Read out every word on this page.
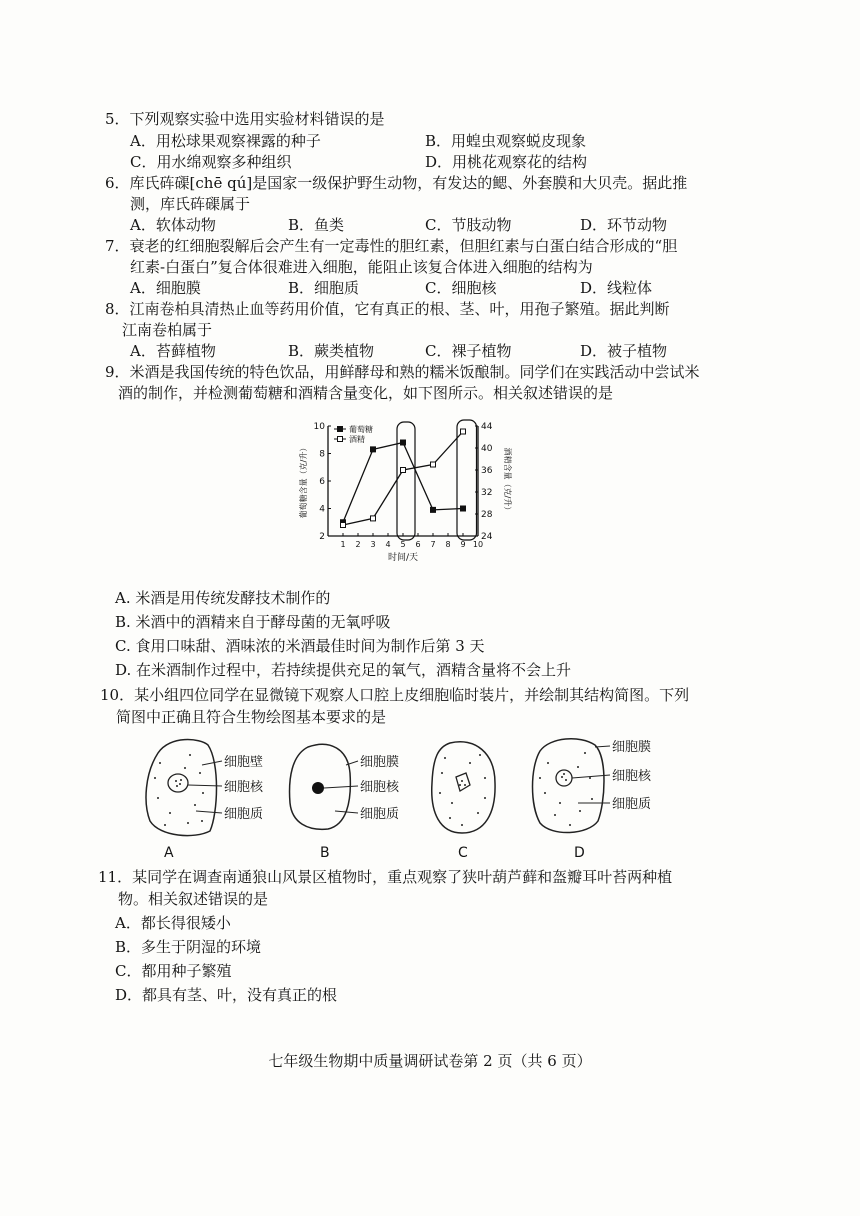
5．下列观察实验中选用实验材料错误的是
A．用松球果观察裸露的种子	B．用蝗虫观察蜕皮现象
C．用水绵观察多种组织	D．用桃花观察花的结构
6．库氏砗磲[chē qú]是国家一级保护野生动物，有发达的鳃、外套膜和大贝壳。据此推
测，库氏砗磲属于
A．软体动物	B．鱼类	C．节肢动物	D．环节动物
7．衰老的红细胞裂解后会产生有一定毒性的胆红素，但胆红素与白蛋白结合形成的“胆
红素-白蛋白”复合体很难进入细胞，能阻止该复合体进入细胞的结构为
A．细胞膜	B．细胞质	C．细胞核	D．线粒体
8．江南卷柏具清热止血等药用价值，它有真正的根、茎、叶，用孢子繁殖。据此判断
江南卷柏属于
A．苔藓植物	B．蕨类植物	C．裸子植物	D．被子植物
9．米酒是我国传统的特色饮品，用鲜酵母和熟的糯米饭酿制。同学们在实践活动中尝试米
酒的制作，并检测葡萄糖和酒精含量变化，如下图所示。相关叙述错误的是
1 2 3 4 5 6 7 8 9 10
2
4
6
8
10
24
28
32
36
40
44
时间/天
葡萄糖含量（克/升）	酒精含量（克/升）
葡萄糖
酒精
A. 米酒是用传统发酵技术制作的
B. 米酒中的酒精来自于酵母菌的无氧呼吸
C. 食用口味甜、酒味浓的米酒最佳时间为制作后第 3 天
D. 在米酒制作过程中，若持续提供充足的氧气，酒精含量将不会上升
10．某小组四位同学在显微镜下观察人口腔上皮细胞临时装片，并绘制其结构简图。下列
简图中正确且符合生物绘图基本要求的是
细胞壁
细胞核
细胞质
A
细胞膜
细胞核
细胞质
B	C
细胞膜
细胞核
细胞质
D
11．某同学在调查南通狼山风景区植物时，重点观察了狭叶葫芦藓和盔瓣耳叶苔两种植
物。相关叙述错误的是
A．都长得很矮小
B．多生于阴湿的环境
C．都用种子繁殖
D．都具有茎、叶，没有真正的根
七年级生物期中质量调研试卷第 2 页（共 6 页）
